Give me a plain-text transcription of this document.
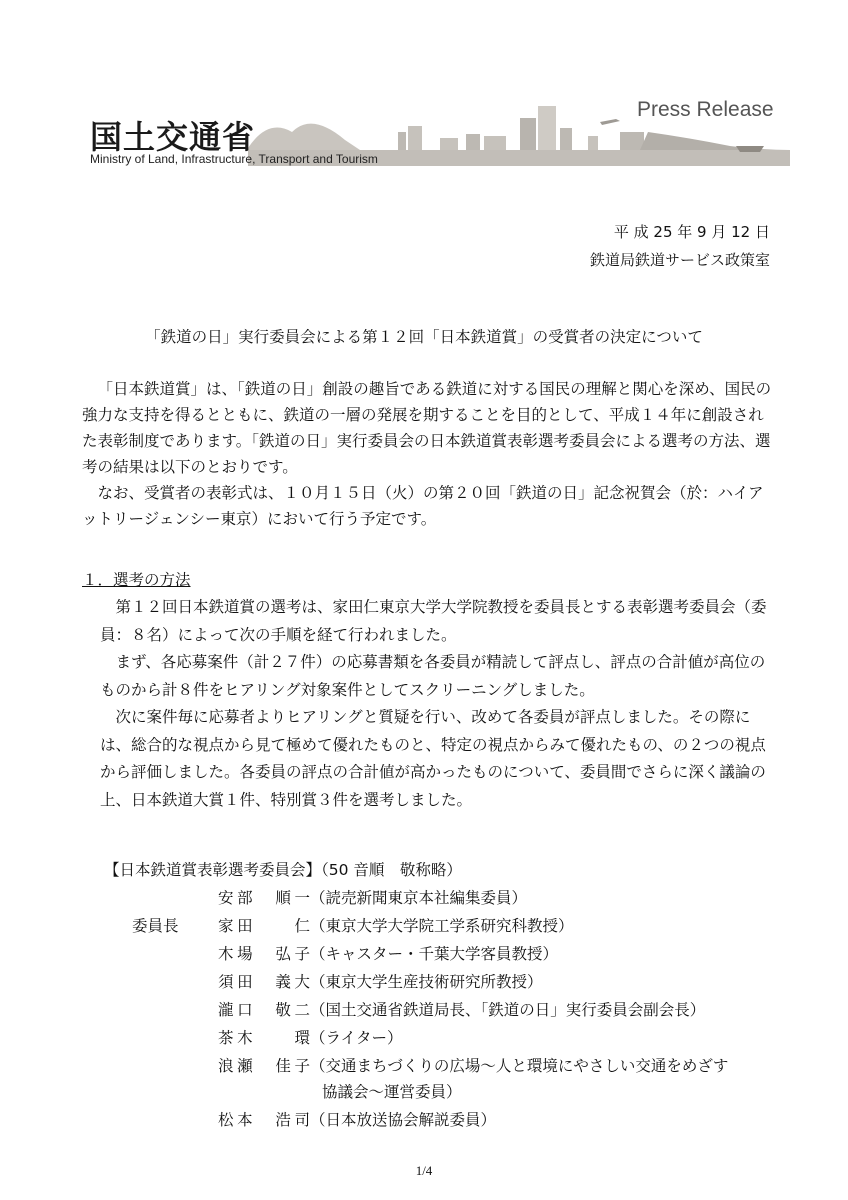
国土交通省
Ministry of Land, Infrastructure, Transport and Tourism
Press Release
平 成 25 年 9 月 12 日
鉄道局鉄道サービス政策室
「鉄道の日」実行委員会による第１２回「日本鉄道賞」の受賞者の決定について

「日本鉄道賞」は、「鉄道の日」創設の趣旨である鉄道に対する国民の理解と関心を深め、国民の強力な支持を得るとともに、鉄道の一層の発展を期することを目的として、平成１４年に創設された表彰制度であります。「鉄道の日」実行委員会の日本鉄道賞表彰選考委員会による選考の方法、選考の結果は以下のとおりです。

なお、受賞者の表彰式は、１０月１５日（火）の第２０回「鉄道の日」記念祝賀会（於：ハイアットリージェンシー東京）において行う予定です。

１．選考の方法

第１２回日本鉄道賞の選考は、家田仁東京大学大学院教授を委員長とする表彰選考委員会（委員：８名）によって次の手順を経て行われました。

まず、各応募案件（計２７件）の応募書類を各委員が精読して評点し、評点の合計値が高位のものから計８件をヒアリング対象案件としてスクリーニングしました。

次に案件毎に応募者よりヒアリングと質疑を行い、改めて各委員が評点しました。その際には、総合的な視点から見て極めて優れたものと、特定の視点からみて優れたもの、の２つの視点から評価しました。各委員の評点の合計値が高かったものについて、委員間でさらに深く議論の上、日本鉄道大賞１件、特別賞３件を選考しました。

【日本鉄道賞表彰選考委員会】（50 音順　敬称略）
安部　順一 （読売新聞東京本社編集委員）
委員長	家田　　仁 （東京大学大学院工学系研究科教授）
木場　弘子 （キャスター・千葉大学客員教授）
須田　義大 （東京大学生産技術研究所教授）
瀧口　敬二 （国土交通省鉄道局長、「鉄道の日」実行委員会副会長）
茶木　　環 （ライター）
浪瀬　佳子 （交通まちづくりの広場～人と環境にやさしい交通をめざす
協議会～運営委員）
松本　浩司 （日本放送協会解説委員）
1/4
